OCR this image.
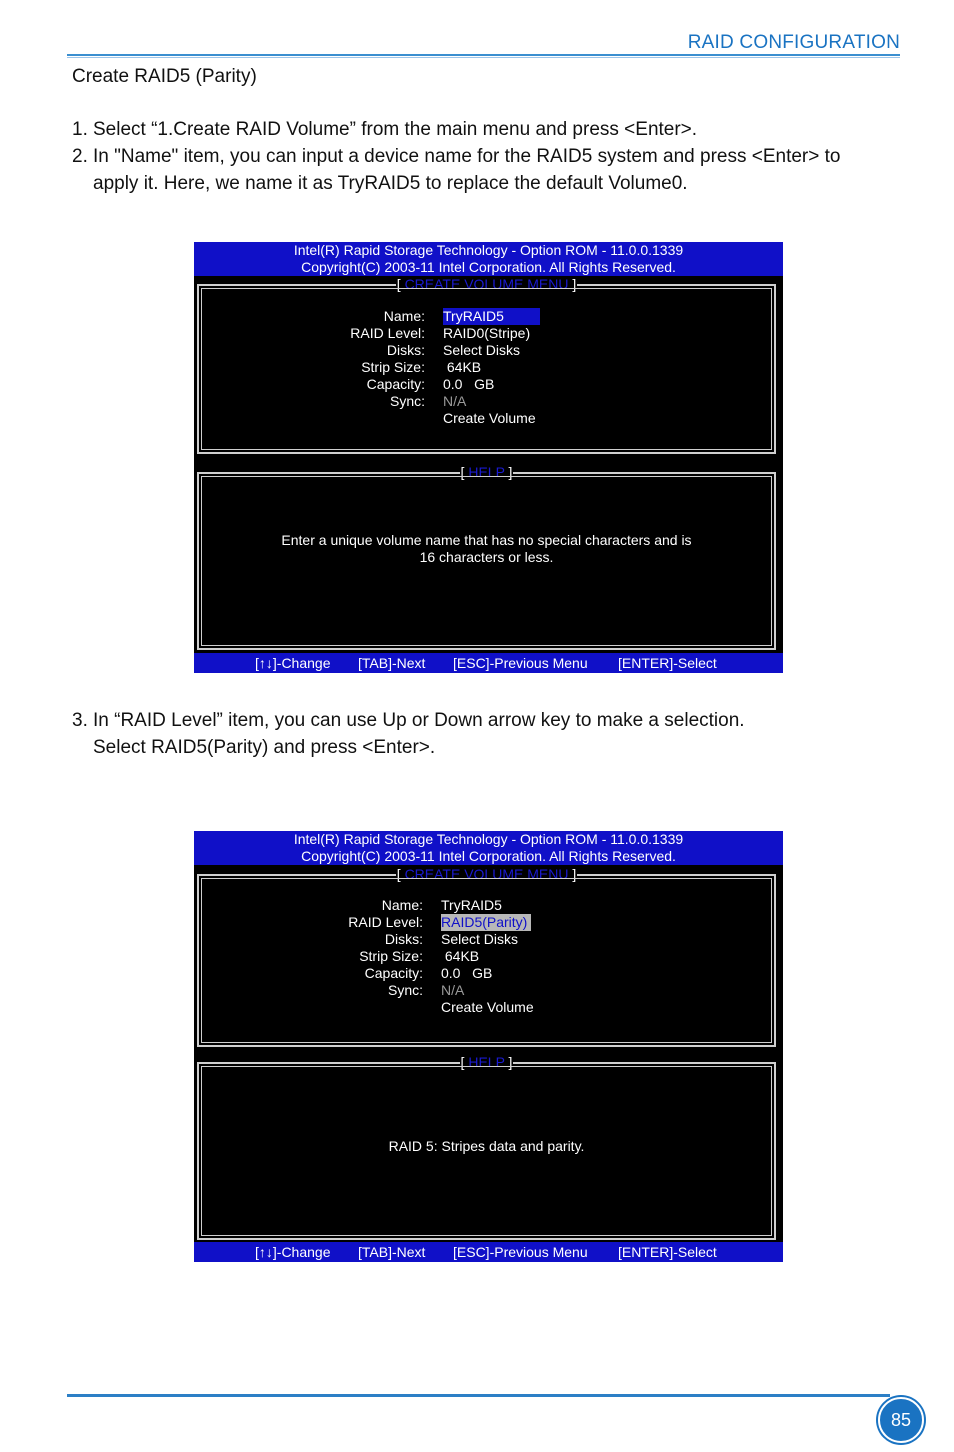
RAID CONFIGURATION
Create RAID5 (Parity)
1. Select “1.Create RAID Volume” from the main menu and press <Enter>.
2. In "Name" item, you can input a device name for the RAID5 system and press <Enter> to
apply it. Here, we name it as TryRAID5 to replace the default Volume0.
Intel(R) Rapid Storage Technology - Option ROM - 11.0.0.1339
Copyright(C) 2003-11 Intel Corporation. All Rights Reserved.
[ CREATE VOLUME MENU ]
Name: TryRAID5
RAID Level: RAID0(Stripe)
Disks: Select Disks
Strip Size: 64KB
Capacity: 0.0   GB
Sync: N/A
Create Volume
[ HELP ]
Enter a unique volume name that has no special characters and is
16 characters or less.
[↑↓]-Change [TAB]-Next [ESC]-Previous Menu [ENTER]-Select
3. In “RAID Level” item, you can use Up or Down arrow key to make a selection.
Select RAID5(Parity) and press <Enter>.
Intel(R) Rapid Storage Technology - Option ROM - 11.0.0.1339
Copyright(C) 2003-11 Intel Corporation. All Rights Reserved.
[ CREATE VOLUME MENU ]
Name: TryRAID5
RAID Level: RAID5(Parity)
Disks: Select Disks
Strip Size: 64KB
Capacity: 0.0   GB
Sync: N/A
Create Volume
[ HELP ]
RAID 5: Stripes data and parity.
[↑↓]-Change [TAB]-Next [ESC]-Previous Menu [ENTER]-Select
85
